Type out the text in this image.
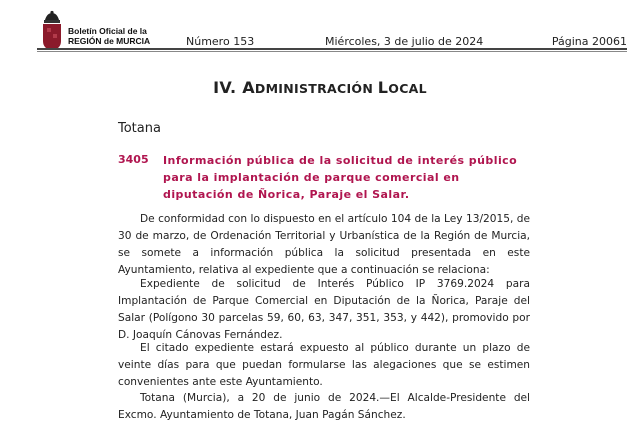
Boletín Oficial de la
REGIÓN de MURCIA	Número 153	Miércoles, 3 de julio de 2024	Página 20061
IV. ADMINISTRACIÓN LOCAL
Totana
3405 Información pública de la solicitud de interés público para la implantación de parque comercial en diputación de Ñorica, Paraje el Salar.

De conformidad con lo dispuesto en el artículo 104 de la Ley 13/2015, de 30 de marzo, de Ordenación Territorial y Urbanística de la Región de Murcia, se somete a información pública la solicitud presentada en este Ayuntamiento, relativa al expediente que a continuación se relaciona:

Expediente de solicitud de Interés Público IP 3769.2024 para Implantación de Parque Comercial en Diputación de la Ñorica, Paraje del Salar (Polígono 30 parcelas 59, 60, 63, 347, 351, 353, y 442), promovido por D. Joaquín Cánovas Fernández.

El citado expediente estará expuesto al público durante un plazo de veinte días para que puedan formularse las alegaciones que se estimen convenientes ante este Ayuntamiento.

Totana (Murcia), a 20 de junio de 2024.—El Alcalde-Presidente del Excmo. Ayuntamiento de Totana, Juan Pagán Sánchez.
